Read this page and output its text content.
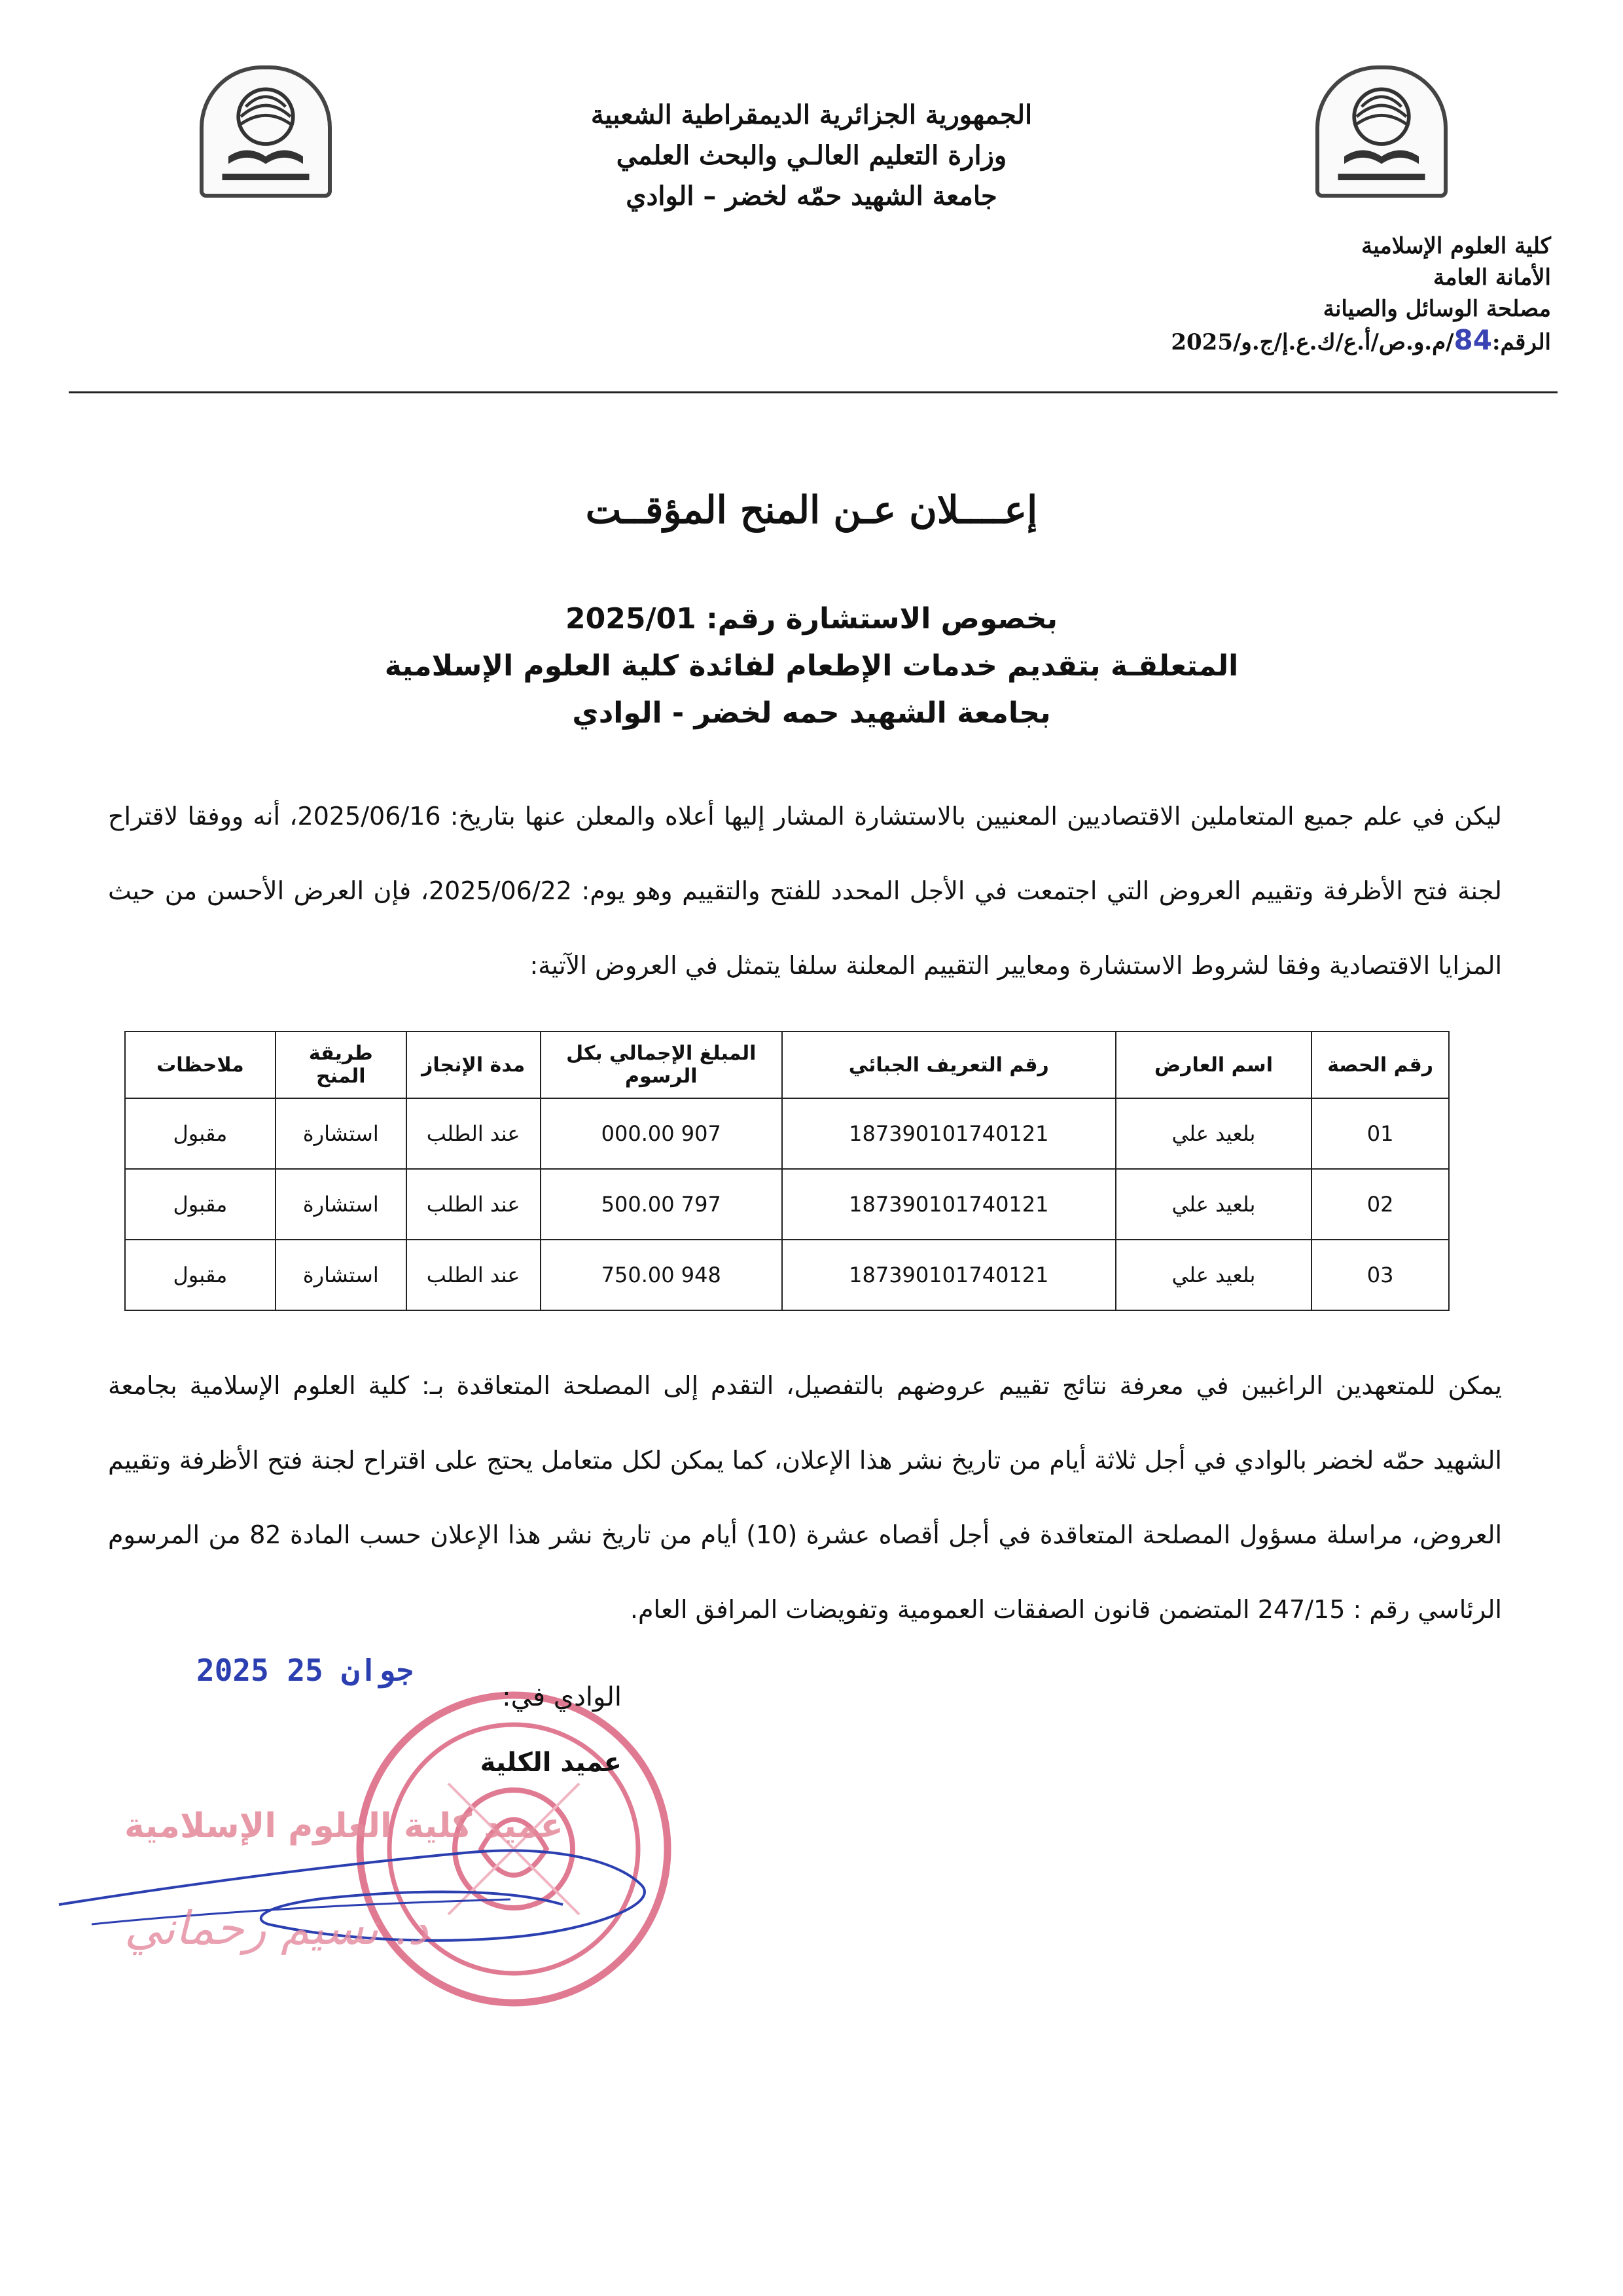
الجمهورية الجزائرية الديمقراطية الشعبية
وزارة التعليم العالـي والبحث العلمي
جامعة الشهيد حمّه لخضر – الوادي
كلية العلوم الإسلامية
الأمانة العامة
مصلحة الوسائل والصيانة
الرقم:84/م.و.ص/أ.ع/ك.ع.إ/ج.و/2025
إعــــلان عـن المنح المؤقــت
بخصوص الاستشارة رقم: 2025/01
المتعلقـة بتقديم خدمات الإطعام لفائدة كلية العلوم الإسلامية
بجامعة الشهيد حمه لخضر - الوادي
ليكن في علم جميع المتعاملين الاقتصاديين المعنيين بالاستشارة المشار إليها أعلاه والمعلن عنها بتاريخ: 2025/06/16، أنه ووفقا لاقتراح لجنة فتح الأظرفة وتقييم العروض التي اجتمعت في الأجل المحدد للفتح والتقييم وهو يوم: 2025/06/22، فإن العرض الأحسن من حيث المزايا الاقتصادية وفقا لشروط الاستشارة ومعايير التقييم المعلنة سلفا يتمثل في العروض الآتية:
رقم الحصة	اسم العارض	رقم التعريف الجبائي	المبلغ الإجمالي بكل الرسوم	مدة الإنجاز	طريقة المنح	ملاحظات
01	بلعيد علي	187390101740121	907 000.00	عند الطلب	استشارة	مقبول
02	بلعيد علي	187390101740121	797 500.00	عند الطلب	استشارة	مقبول
03	بلعيد علي	187390101740121	948 750.00	عند الطلب	استشارة	مقبول
يمكن للمتعهدين الراغبين في معرفة نتائج تقييم عروضهم بالتفصيل، التقدم إلى المصلحة المتعاقدة بـ: كلية العلوم الإسلامية بجامعة الشهيد حمّه لخضر بالوادي في أجل ثلاثة أيام من تاريخ نشر هذا الإعلان، كما يمكن لكل متعامل يحتج على اقتراح لجنة فتح الأظرفة وتقييم العروض، مراسلة مسؤول المصلحة المتعاقدة في أجل أقصاه عشرة (10) أيام من تاريخ نشر هذا الإعلان حسب المادة 82 من المرسوم الرئاسي رقم : 247/15 المتضمن قانون الصفقات العمومية وتفويضات المرافق العام.
2025 جوان 25
الوادي في:
عميد الكلية
عميد كلية العلوم الإسلامية
د. نسيم رحماني
